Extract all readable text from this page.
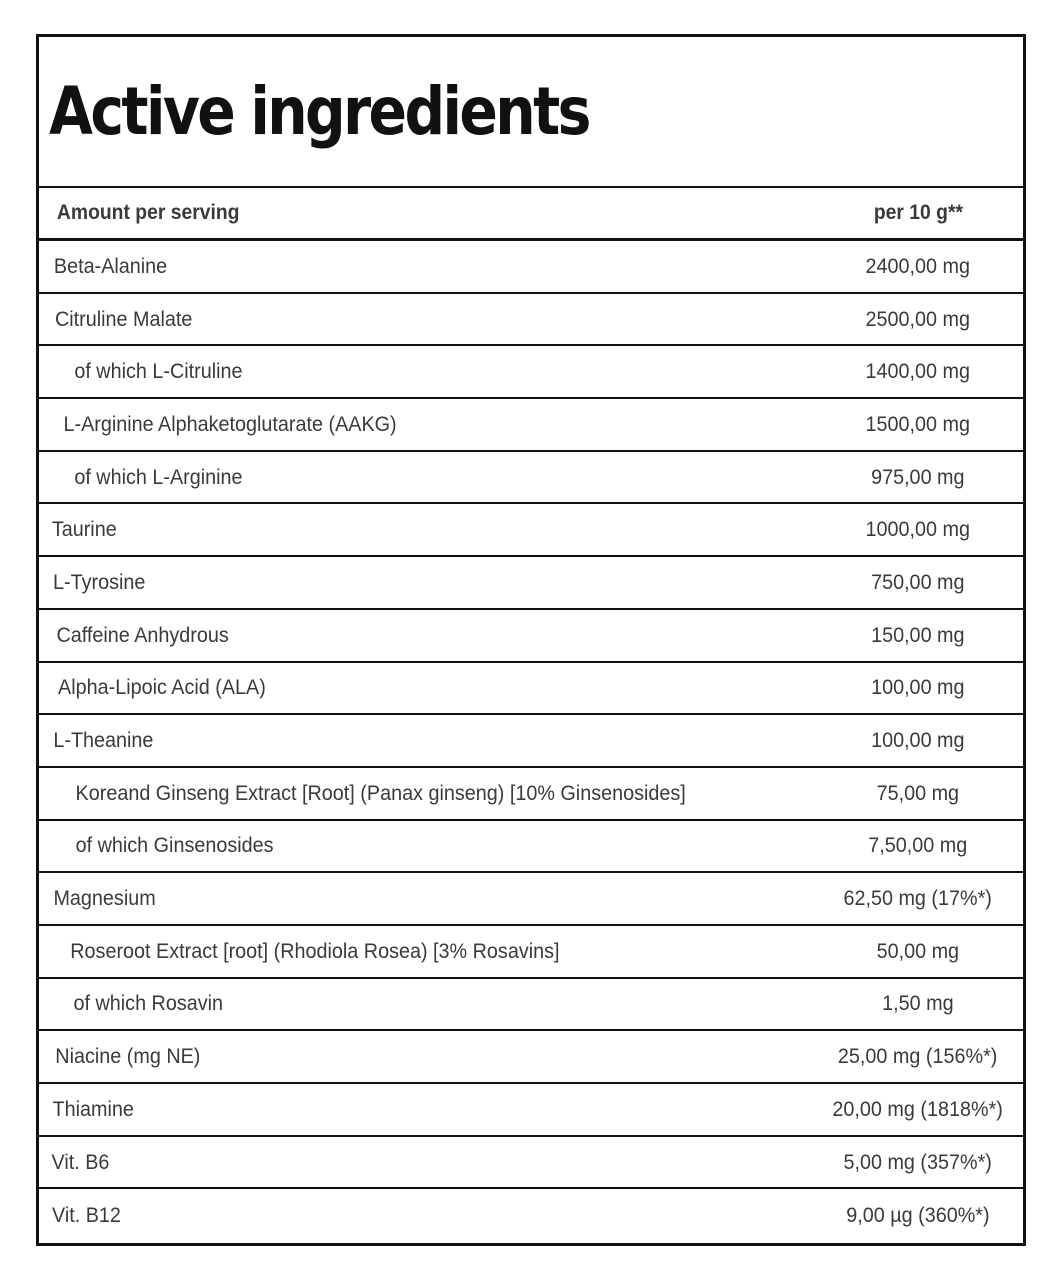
Active ingredients
Amount per serving	per 10 g**
Beta-Alanine	2400,00 mg
Citruline Malate	2500,00 mg
of which L-Citruline	1400,00 mg
L-Arginine Alphaketoglutarate (AAKG)	1500,00 mg
of which L-Arginine	975,00 mg
Taurine	1000,00 mg
L-Tyrosine	750,00 mg
Caffeine Anhydrous	150,00 mg
Alpha-Lipoic Acid (ALA)	100,00 mg
L-Theanine	100,00 mg
Koreand Ginseng Extract [Root] (Panax ginseng) [10% Ginsenosides]	75,00 mg
of which Ginsenosides	7,50,00 mg
Magnesium	62,50 mg (17%*)
Roseroot Extract [root] (Rhodiola Rosea) [3% Rosavins]	50,00 mg
of which Rosavin	1,50 mg
Niacine (mg NE)	25,00 mg (156%*)
Thiamine	20,00 mg (1818%*)
Vit. B6	5,00 mg (357%*)
Vit. B12	9,00 µg (360%*)
